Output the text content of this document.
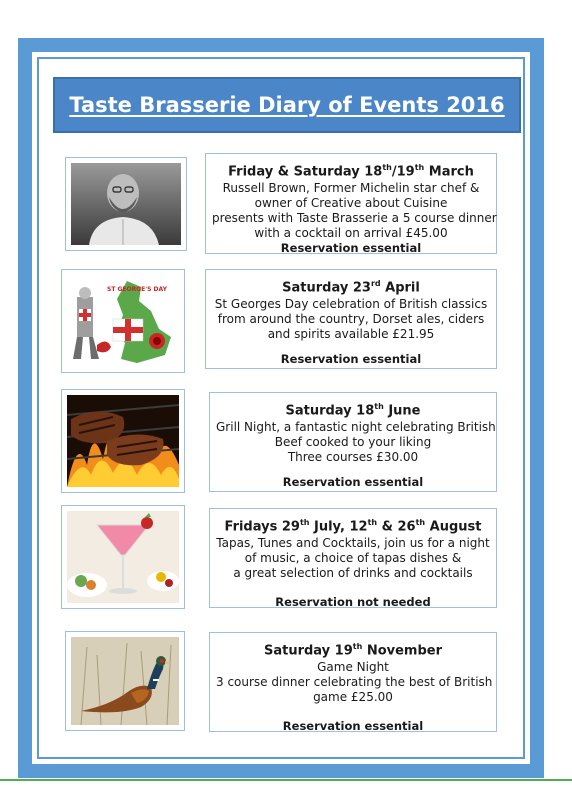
Taste Brasserie Diary of Events 2016
Friday & Saturday 18th/19th March
Russell Brown, Former Michelin star chef &
owner of Creative about Cuisine
presents with Taste Brasserie a 5 course dinner
with a cocktail on arrival £45.00
Reservation essential
ST GEORGE'S DAY	Saturday 23rd April
St Georges Day celebration of British classics
from around the country, Dorset ales, ciders
and spirits available £21.95
Reservation essential
Saturday 18th June
Grill Night, a fantastic night celebrating British
Beef cooked to your liking
Three courses £30.00
Reservation essential
Fridays 29th July, 12th & 26th August
Tapas, Tunes and Cocktails, join us for a night
of music, a choice of tapas dishes &
a great selection of drinks and cocktails
Reservation not needed
Saturday 19th November
Game Night
3 course dinner celebrating the best of British
game £25.00
Reservation essential
